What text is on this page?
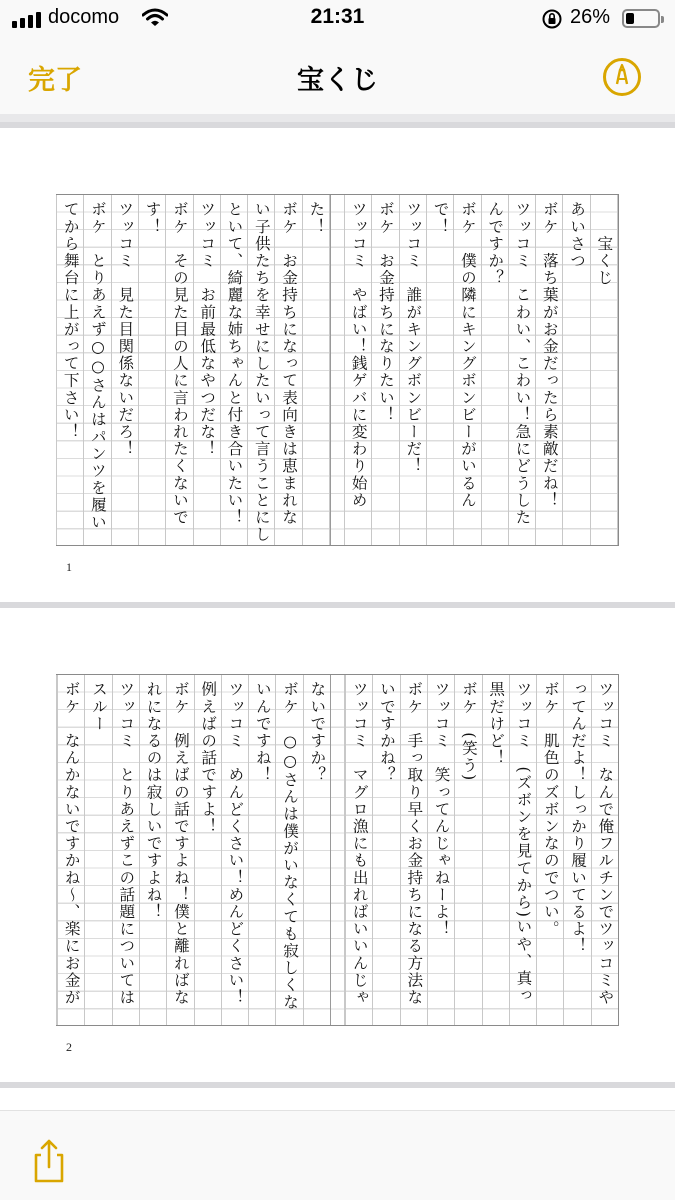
docomo	21:31	26%
完了	宝くじ
　　宝くじ
あいさつ
ボケ　落ち葉がお金だったら素敵だね！
ツッコミ　こわい、こわい！急にどうした
んですか？
ボケ　僕の隣にキングボンビーがいるん
で！
ツッコミ　誰がキングボンビーだ！
ボケ　お金持ちになりたい！
ツッコミ　やばい！銭ゲバに変わり始め
た！
ボケ　お金持ちになって表向きは恵まれな
い子供たちを幸せにしたいって言うことにし
といて、綺麗な姉ちゃんと付き合いたい！
ツッコミ　お前最低なやつだな！
ボケ　その見た目の人に言われたくないで
す！
ツッコミ　見た目関係ないだろ！
ボケ　とりあえず○○さんはパンツを履い
てから舞台に上がって下さい！
1
ツッコミ　なんで俺フルチンでツッコミや
ってんだよ！しっかり履いてるよ！
ボケ　肌色のズボンなのでつい。
ツッコミ　(ズボンを見てから)いや、真っ
黒だけど！
ボケ　(笑う)
ツッコミ　笑ってんじゃねーよ！
ボケ　手っ取り早くお金持ちになる方法な
いですかね？
ツッコミ　マグロ漁にも出ればいいんじゃ
ないですか？
ボケ　○○さんは僕がいなくても寂しくな
いんですね！
ツッコミ　めんどくさい！めんどくさい！
例えばの話ですよ！
ボケ　例えばの話ですよね！僕と離ればな
れになるのは寂しいですよね！
ツッコミ　とりあえずこの話題については
スルー
ボケ　なんかないですかね〜、楽にお金が
2
